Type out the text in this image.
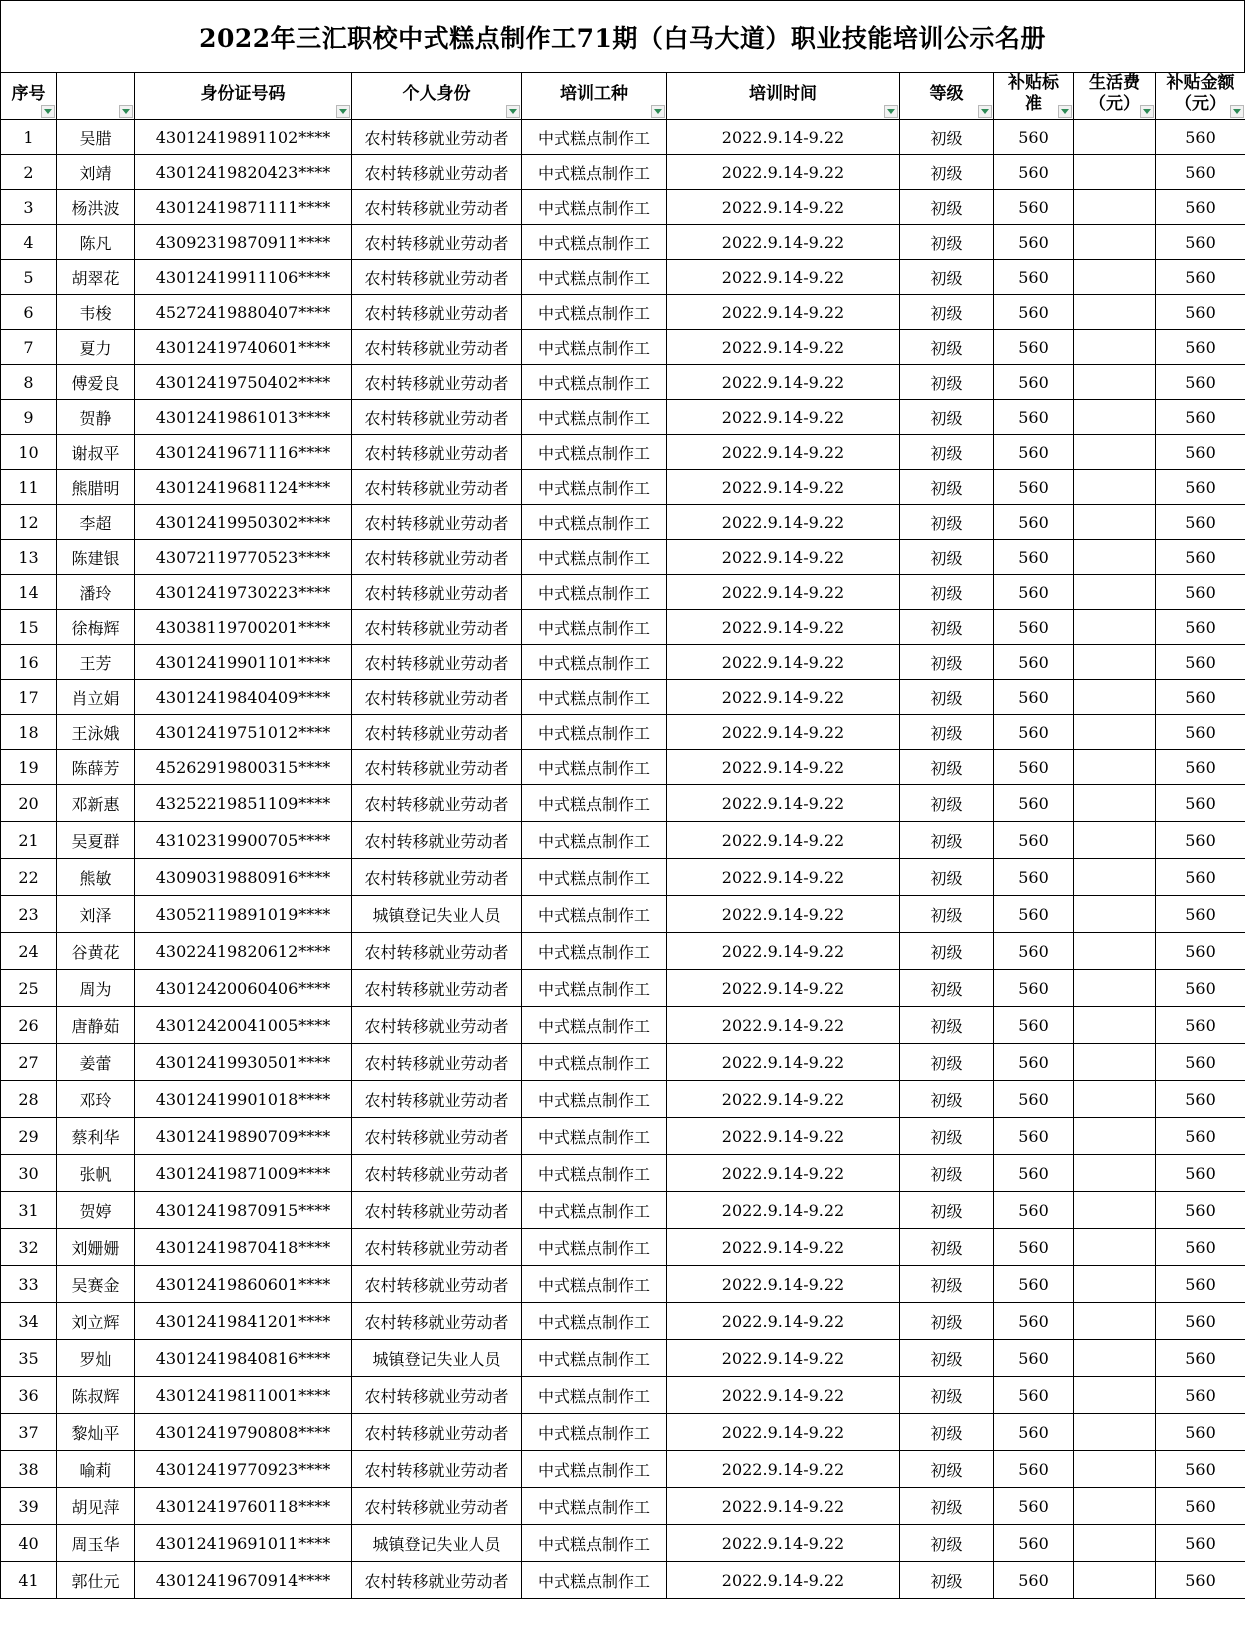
2022年三汇职校中式糕点制作工71期（白马大道）职业技能培训公示名册
序号		身份证号码	个人身份	培训工种	培训时间	等级	补贴标准	生活费（元）	补贴金额（元）

1	吴腊	43012419891102****	农村转移就业劳动者	中式糕点制作工	2022.9.14-9.22	初级	560		560
2	刘靖	43012419820423****	农村转移就业劳动者	中式糕点制作工	2022.9.14-9.22	初级	560		560
3	杨洪波	43012419871111****	农村转移就业劳动者	中式糕点制作工	2022.9.14-9.22	初级	560		560
4	陈凡	43092319870911****	农村转移就业劳动者	中式糕点制作工	2022.9.14-9.22	初级	560		560
5	胡翠花	43012419911106****	农村转移就业劳动者	中式糕点制作工	2022.9.14-9.22	初级	560		560
6	韦梭	45272419880407****	农村转移就业劳动者	中式糕点制作工	2022.9.14-9.22	初级	560		560
7	夏力	43012419740601****	农村转移就业劳动者	中式糕点制作工	2022.9.14-9.22	初级	560		560
8	傅爱良	43012419750402****	农村转移就业劳动者	中式糕点制作工	2022.9.14-9.22	初级	560		560
9	贺静	43012419861013****	农村转移就业劳动者	中式糕点制作工	2022.9.14-9.22	初级	560		560
10	谢叔平	43012419671116****	农村转移就业劳动者	中式糕点制作工	2022.9.14-9.22	初级	560		560
11	熊腊明	43012419681124****	农村转移就业劳动者	中式糕点制作工	2022.9.14-9.22	初级	560		560
12	李超	43012419950302****	农村转移就业劳动者	中式糕点制作工	2022.9.14-9.22	初级	560		560
13	陈建银	43072119770523****	农村转移就业劳动者	中式糕点制作工	2022.9.14-9.22	初级	560		560
14	潘玲	43012419730223****	农村转移就业劳动者	中式糕点制作工	2022.9.14-9.22	初级	560		560
15	徐梅辉	43038119700201****	农村转移就业劳动者	中式糕点制作工	2022.9.14-9.22	初级	560		560
16	王芳	43012419901101****	农村转移就业劳动者	中式糕点制作工	2022.9.14-9.22	初级	560		560
17	肖立娟	43012419840409****	农村转移就业劳动者	中式糕点制作工	2022.9.14-9.22	初级	560		560
18	王泳娥	43012419751012****	农村转移就业劳动者	中式糕点制作工	2022.9.14-9.22	初级	560		560
19	陈薛芳	45262919800315****	农村转移就业劳动者	中式糕点制作工	2022.9.14-9.22	初级	560		560
20	邓新惠	43252219851109****	农村转移就业劳动者	中式糕点制作工	2022.9.14-9.22	初级	560		560
21	吴夏群	43102319900705****	农村转移就业劳动者	中式糕点制作工	2022.9.14-9.22	初级	560		560
22	熊敏	43090319880916****	农村转移就业劳动者	中式糕点制作工	2022.9.14-9.22	初级	560		560
23	刘泽	43052119891019****	城镇登记失业人员	中式糕点制作工	2022.9.14-9.22	初级	560		560
24	谷黄花	43022419820612****	农村转移就业劳动者	中式糕点制作工	2022.9.14-9.22	初级	560		560
25	周为	43012420060406****	农村转移就业劳动者	中式糕点制作工	2022.9.14-9.22	初级	560		560
26	唐静茹	43012420041005****	农村转移就业劳动者	中式糕点制作工	2022.9.14-9.22	初级	560		560
27	姜蕾	43012419930501****	农村转移就业劳动者	中式糕点制作工	2022.9.14-9.22	初级	560		560
28	邓玲	43012419901018****	农村转移就业劳动者	中式糕点制作工	2022.9.14-9.22	初级	560		560
29	蔡利华	43012419890709****	农村转移就业劳动者	中式糕点制作工	2022.9.14-9.22	初级	560		560
30	张帆	43012419871009****	农村转移就业劳动者	中式糕点制作工	2022.9.14-9.22	初级	560		560
31	贺婷	43012419870915****	农村转移就业劳动者	中式糕点制作工	2022.9.14-9.22	初级	560		560
32	刘姗姗	43012419870418****	农村转移就业劳动者	中式糕点制作工	2022.9.14-9.22	初级	560		560
33	吴赛金	43012419860601****	农村转移就业劳动者	中式糕点制作工	2022.9.14-9.22	初级	560		560
34	刘立辉	43012419841201****	农村转移就业劳动者	中式糕点制作工	2022.9.14-9.22	初级	560		560
35	罗灿	43012419840816****	城镇登记失业人员	中式糕点制作工	2022.9.14-9.22	初级	560		560
36	陈叔辉	43012419811001****	农村转移就业劳动者	中式糕点制作工	2022.9.14-9.22	初级	560		560
37	黎灿平	43012419790808****	农村转移就业劳动者	中式糕点制作工	2022.9.14-9.22	初级	560		560
38	喻莉	43012419770923****	农村转移就业劳动者	中式糕点制作工	2022.9.14-9.22	初级	560		560
39	胡见萍	43012419760118****	农村转移就业劳动者	中式糕点制作工	2022.9.14-9.22	初级	560		560
40	周玉华	43012419691011****	城镇登记失业人员	中式糕点制作工	2022.9.14-9.22	初级	560		560
41	郭仕元	43012419670914****	农村转移就业劳动者	中式糕点制作工	2022.9.14-9.22	初级	560		560
